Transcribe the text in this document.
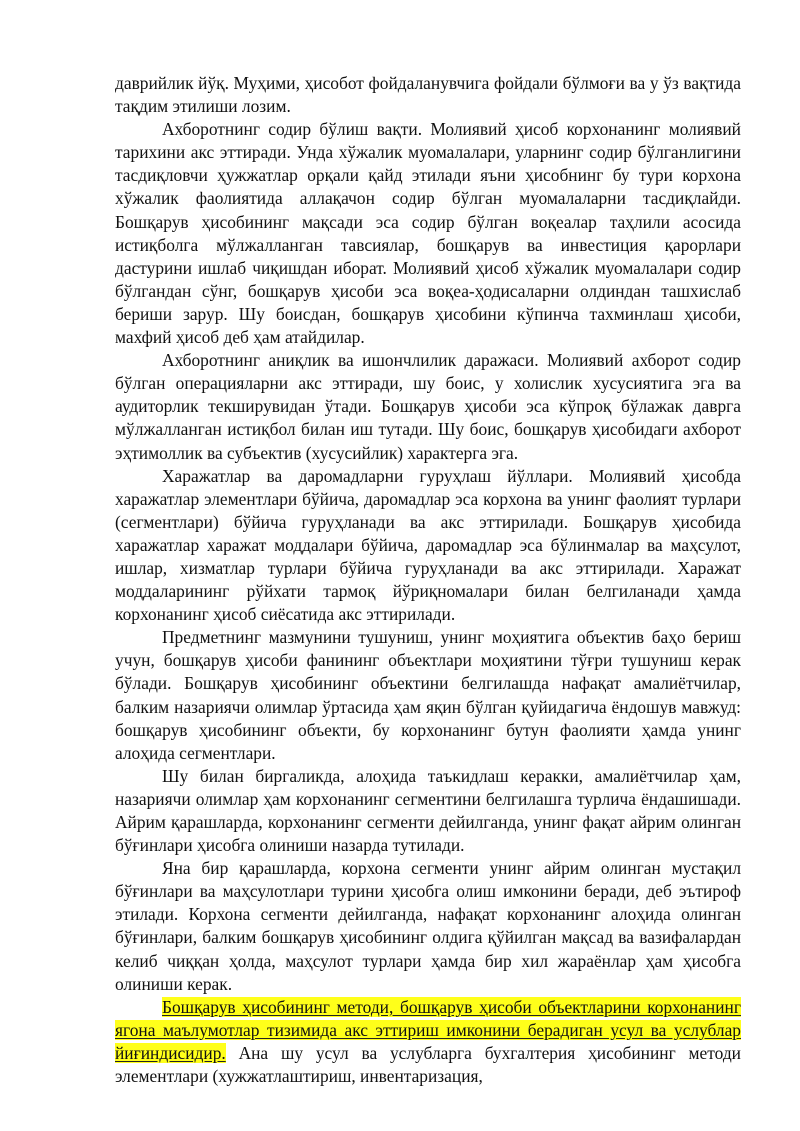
даврийлик йўқ. Муҳими, ҳисобот фойдаланувчига фойдали бўлмоғи ва у ўз вақтида тақдим этилиши лозим.

Ахборотнинг содир бўлиш вақти. Молиявий ҳисоб корхонанинг молиявий тарихини акс эттиради. Унда хўжалик муомалалари, уларнинг содир бўлганлигини тасдиқловчи ҳужжатлар орқали қайд этилади яъни ҳисобнинг бу тури корхона хўжалик фаолиятида аллақачон содир бўлган муомалаларни тасдиқлайди. Бошқарув ҳисобининг мақсади эса содир бўлган воқеалар таҳлили асосида истиқболга мўлжалланган тавсиялар, бошқарув ва инвестиция қарорлари дастурини ишлаб чиқишдан иборат. Молиявий ҳисоб хўжалик муомалалари содир бўлгандан сўнг, бошқарув ҳисоби эса воқеа-ҳодисаларни олдиндан ташхислаб бериши зарур. Шу боисдан, бошқарув ҳисобини кўпинча тахминлаш ҳисоби, махфий ҳисоб деб ҳам атайдилар.

Ахборотнинг аниқлик ва ишончлилик даражаси. Молиявий ахборот содир бўлган операцияларни акс эттиради, шу боис, у холислик хусусиятига эга ва аудиторлик текширувидан ўтади. Бошқарув ҳисоби эса кўпроқ бўлажак даврга мўлжалланган истиқбол билан иш тутади. Шу боис, бошқарув ҳисобидаги ахборот эҳтимоллик ва субъектив (хусусийлик) характерга эга.

Харажатлар ва даромадларни гуруҳлаш йўллари. Молиявий ҳисобда харажатлар элементлари бўйича, даромадлар эса корхона ва унинг фаолият турлари (сегментлари) бўйича гуруҳланади ва акс эттирилади. Бошқарув ҳисобида харажатлар харажат моддалари бўйича, даромадлар эса бўлинмалар ва маҳсулот, ишлар, хизматлар турлари бўйича гуруҳланади ва акс эттирилади. Харажат моддаларининг рўйхати тармоқ йўриқномалари билан белгиланади ҳамда корхонанинг ҳисоб сиёсатида акс эттирилади.

Предметнинг мазмунини тушуниш, унинг моҳиятига объектив баҳо бериш учун, бошқарув ҳисоби фанининг объектлари моҳиятини тўғри тушуниш керак бўлади. Бошқарув ҳисобининг объектини белгилашда нафақат амалиётчилар, балким назариячи олимлар ўртасида ҳам яқин бўлган қуйидагича ёндошув мавжуд: бошқарув ҳисобининг объекти, бу корхонанинг бутун фаолияти ҳамда унинг алоҳида сегментлари.

Шу билан биргаликда, алоҳида таъкидлаш керакки, амалиётчилар ҳам, назариячи олимлар ҳам корхонанинг сегментини белгилашга турлича ёндашишади. Айрим қарашларда, корхонанинг сегменти дейилганда, унинг фақат айрим олинган бўғинлари ҳисобга олиниши назарда тутилади.

Яна бир қарашларда, корхона сегменти унинг айрим олинган мустақил бўғинлари ва маҳсулотлари турини ҳисобга олиш имконини беради, деб эътироф этилади. Корхона сегменти дейилганда, нафақат корхонанинг алоҳида олинган бўғинлари, балким бошқарув ҳисобининг олдига қўйилган мақсад ва вазифалардан келиб чиққан ҳолда, маҳсулот турлари ҳамда бир хил жараёнлар ҳам ҳисобга олиниши керак.

Бошқарув ҳисобининг методи, бошқарув ҳисоби объектларини корхонанинг ягона маълумотлар тизимида акс эттириш имконини берадиган усул ва услублар йиғиндисидир. Ана шу усул ва услубларга бухгалтерия ҳисобининг методи элементлари (хужжатлаштириш, инвентаризация,
